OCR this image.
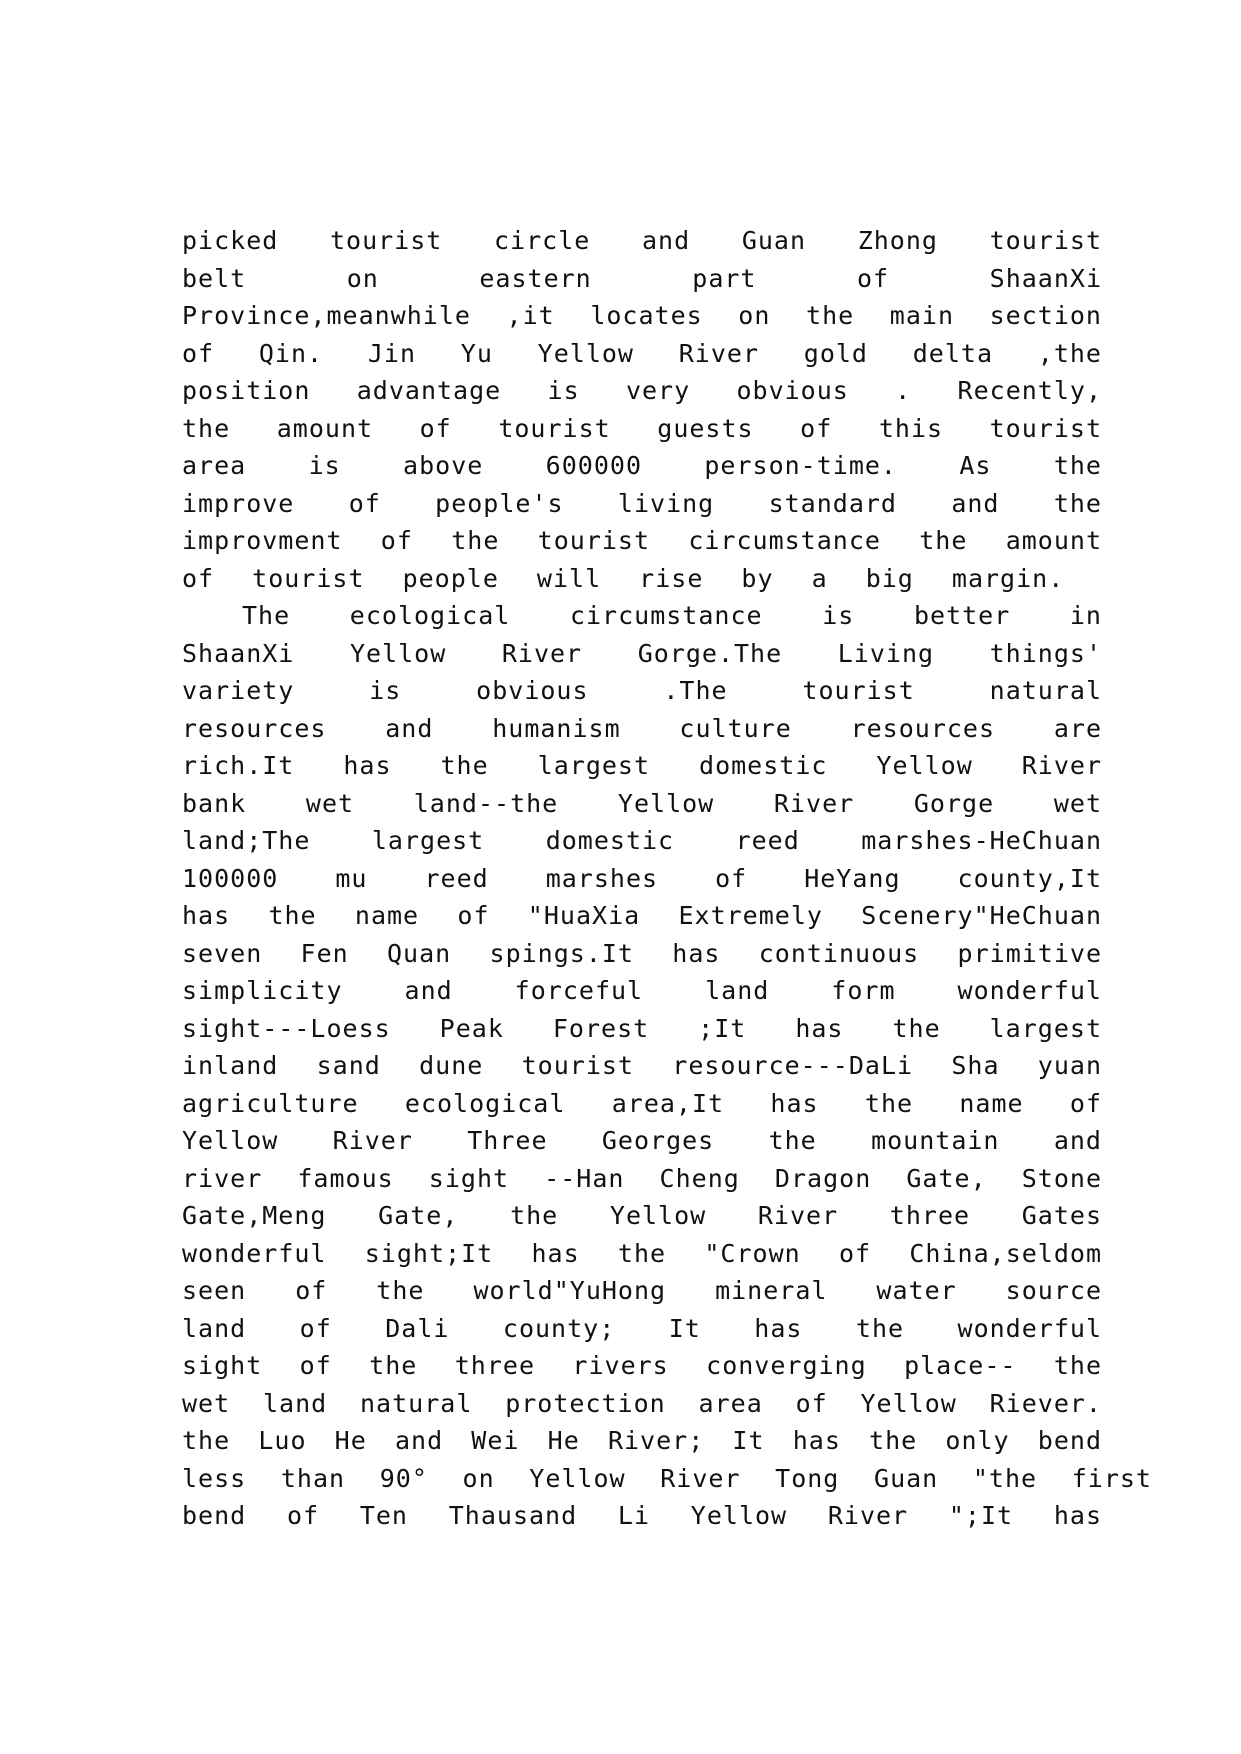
picked tourist circle and Guan Zhong tourist
belt on eastern part of ShaanXi
Province,meanwhile ,it locates on the main section
of Qin. Jin Yu Yellow River gold delta ,the
position advantage is very obvious . Recently,
the amount of tourist guests of this tourist
area is above 600000 person-time. As the
improve of people's living standard and the
improvment of the tourist circumstance the amount
of tourist people will rise by a big margin.
The ecological circumstance is better in
ShaanXi Yellow River Gorge.The Living things'
variety is obvious .The tourist natural
resources and humanism culture resources are
rich.It has the largest domestic Yellow River
bank wet land--the Yellow River Gorge wet
land;The largest domestic reed marshes-HeChuan
100000 mu reed marshes of HeYang county,It
has the name of "HuaXia Extremely Scenery"HeChuan
seven Fen Quan spings.It has continuous primitive
simplicity and forceful land form wonderful
sight---Loess Peak Forest ;It has the largest
inland sand dune tourist resource---DaLi Sha yuan
agriculture ecological area,It has the name of
Yellow River Three Georges the mountain and
river famous sight --Han Cheng Dragon Gate, Stone
Gate,Meng Gate, the Yellow River three Gates
wonderful sight;It has the "Crown of China,seldom
seen of the world"YuHong mineral water source
land of Dali county; It has the wonderful
sight of the three rivers converging place-- the
wet land natural protection area of Yellow Riever.
the Luo He and Wei He River; It has the only bend
less than 90° on Yellow River Tong Guan "the first
bend of Ten Thausand Li Yellow River ";It has
